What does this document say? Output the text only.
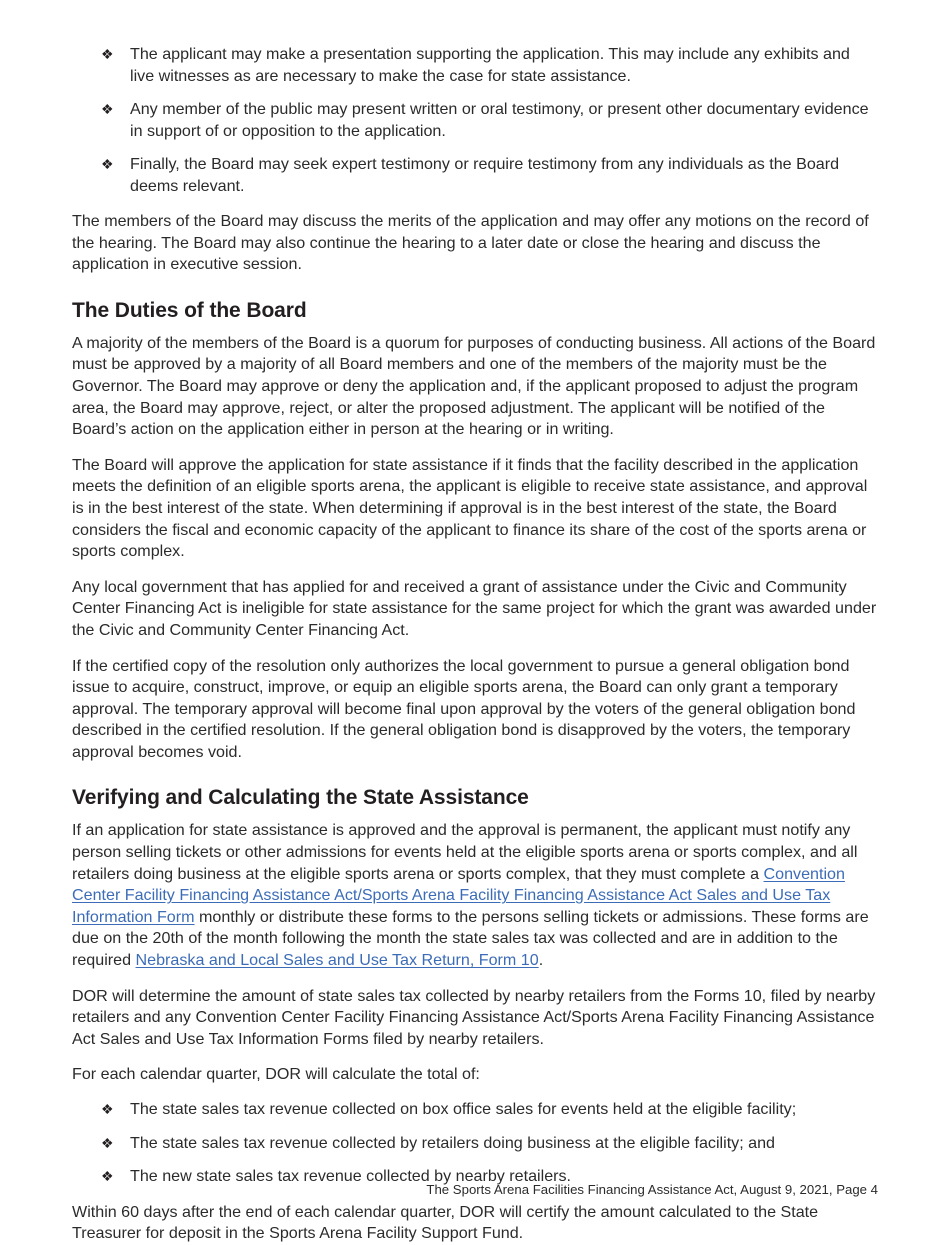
❖ The applicant may make a presentation supporting the application. This may include any exhibits and live witnesses as are necessary to make the case for state assistance.
❖ Any member of the public may present written or oral testimony, or present other documentary evidence in support of or opposition to the application.
❖ Finally, the Board may seek expert testimony or require testimony from any individuals as the Board deems relevant.

The members of the Board may discuss the merits of the application and may offer any motions on the record of the hearing. The Board may also continue the hearing to a later date or close the hearing and discuss the application in executive session.

The Duties of the Board

A majority of the members of the Board is a quorum for purposes of conducting business. All actions of the Board must be approved by a majority of all Board members and one of the members of the majority must be the Governor. The Board may approve or deny the application and, if the applicant proposed to adjust the program area, the Board may approve, reject, or alter the proposed adjustment. The applicant will be notified of the Board’s action on the application either in person at the hearing or in writing.

The Board will approve the application for state assistance if it finds that the facility described in the application meets the definition of an eligible sports arena, the applicant is eligible to receive state assistance, and approval is in the best interest of the state. When determining if approval is in the best interest of the state, the Board considers the fiscal and economic capacity of the applicant to finance its share of the cost of the sports arena or sports complex.

Any local government that has applied for and received a grant of assistance under the Civic and Community Center Financing Act is ineligible for state assistance for the same project for which the grant was awarded under the Civic and Community Center Financing Act.

If the certified copy of the resolution only authorizes the local government to pursue a general obligation bond issue to acquire, construct, improve, or equip an eligible sports arena, the Board can only grant a temporary approval. The temporary approval will become final upon approval by the voters of the general obligation bond described in the certified resolution. If the general obligation bond is disapproved by the voters, the temporary approval becomes void.

Verifying and Calculating the State Assistance

If an application for state assistance is approved and the approval is permanent, the applicant must notify any person selling tickets or other admissions for events held at the eligible sports arena or sports complex, and all retailers doing business at the eligible sports arena or sports complex, that they must complete a Convention Center Facility Financing Assistance Act/Sports Arena Facility Financing Assistance Act Sales and Use Tax Information Form monthly or distribute these forms to the persons selling tickets or admissions. These forms are due on the 20th of the month following the month the state sales tax was collected and are in addition to the required Nebraska and Local Sales and Use Tax Return, Form 10.

DOR will determine the amount of state sales tax collected by nearby retailers from the Forms 10, filed by nearby retailers and any Convention Center Facility Financing Assistance Act/Sports Arena Facility Financing Assistance Act Sales and Use Tax Information Forms filed by nearby retailers.

For each calendar quarter, DOR will calculate the total of:

❖ The state sales tax revenue collected on box office sales for events held at the eligible facility;
❖ The state sales tax revenue collected by retailers doing business at the eligible facility; and
❖ The new state sales tax revenue collected by nearby retailers.

Within 60 days after the end of each calendar quarter, DOR will certify the amount calculated to the State Treasurer for deposit in the Sports Arena Facility Support Fund.

The Sports Arena Facilities Financing Assistance Act, August 9, 2021, Page 4
